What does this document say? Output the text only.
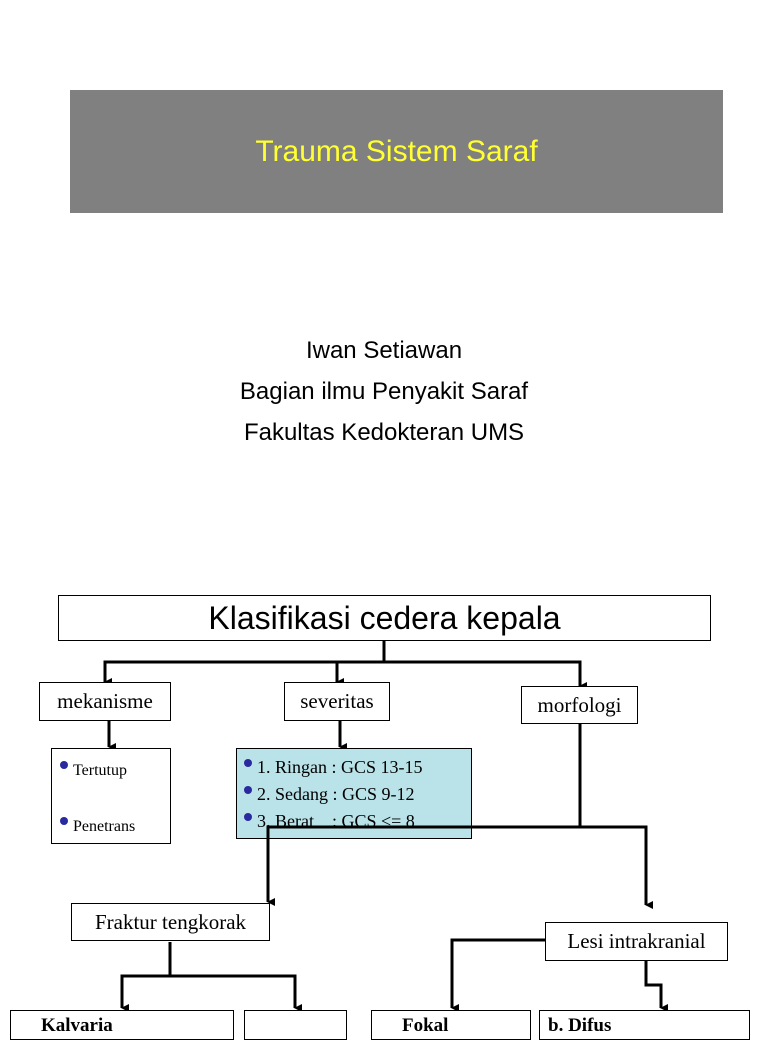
Trauma Sistem Saraf
Iwan Setiawan
Bagian ilmu Penyakit Saraf
Fakultas Kedokteran UMS
Klasifikasi cedera kepala
mekanisme	severitas	morfologi
Tertutup
Penetrans
1. Ringan : GCS 13-15
2. Sedang : GCS 9-12
3. Berat    : GCS <= 8
Fraktur tengkorak
Lesi intrakranial
Kalvaria	Fokal	b. Difus
